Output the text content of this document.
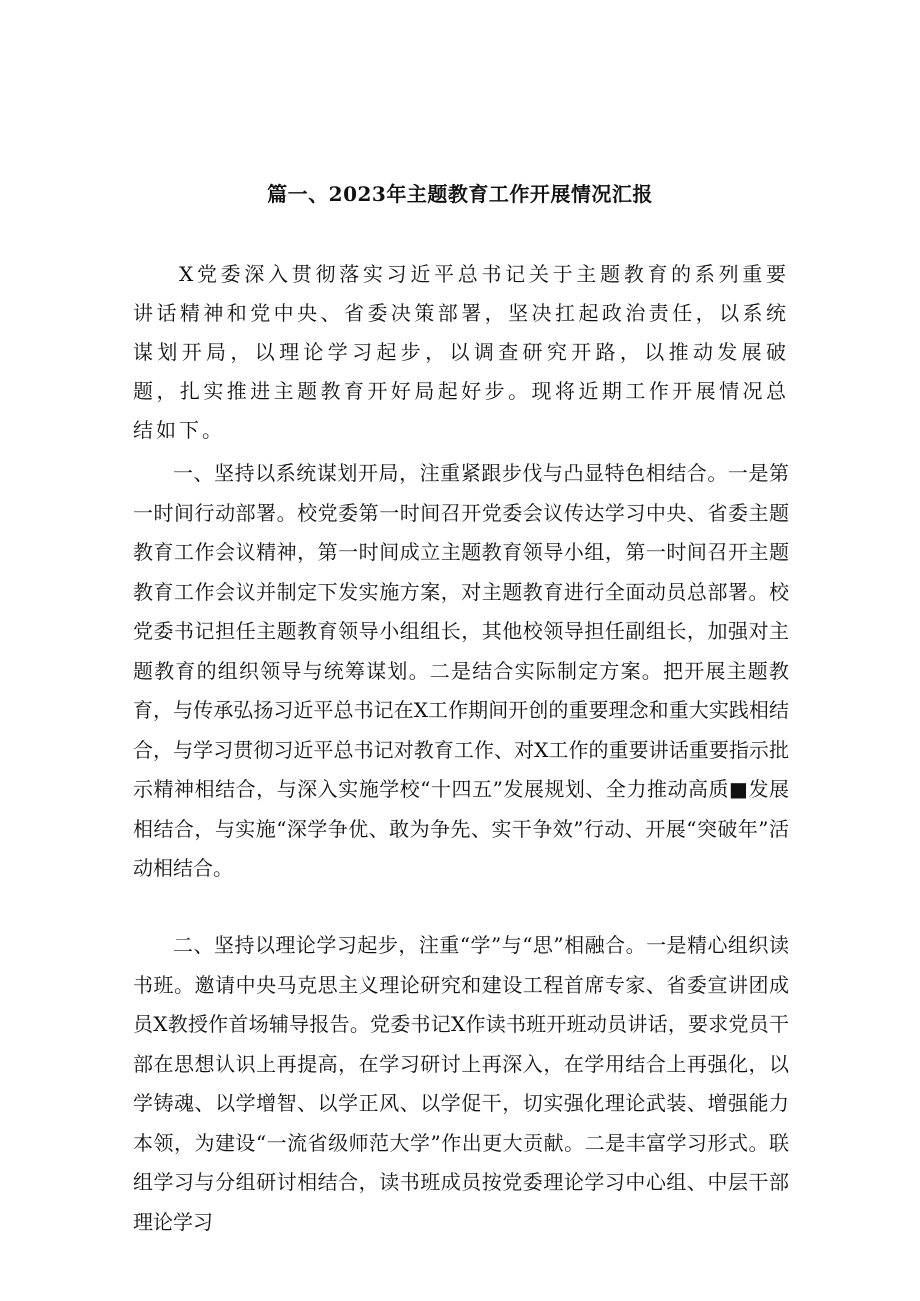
篇一、2023年主题教育工作开展情况汇报

X党委深入贯彻落实习近平总书记关于主题教育的系列重要讲话精神和党中央、省委决策部署，坚决扛起政治责任，以系统谋划开局，以理论学习起步，以调查研究开路，以推动发展破题，扎实推进主题教育开好局起好步。现将近期工作开展情况总结如下。

一、坚持以系统谋划开局，注重紧跟步伐与凸显特色相结合。一是第一时间行动部署。校党委第一时间召开党委会议传达学习中央、省委主题教育工作会议精神，第一时间成立主题教育领导小组，第一时间召开主题教育工作会议并制定下发实施方案，对主题教育进行全面动员总部署。校党委书记担任主题教育领导小组组长，其他校领导担任副组长，加强对主题教育的组织领导与统筹谋划。二是结合实际制定方案。把开展主题教育，与传承弘扬习近平总书记在X工作期间开创的重要理念和重大实践相结合，与学习贯彻习近平总书记对教育工作、对X工作的重要讲话重要指示批示精神相结合，与深入实施学校“十四五”发展规划、全力推动高质■发展相结合，与实施“深学争优、敢为争先、实干争效”行动、开展“突破年”活动相结合。

二、坚持以理论学习起步，注重“学”与“思”相融合。一是精心组织读书班。邀请中央马克思主义理论研究和建设工程首席专家、省委宣讲团成员X教授作首场辅导报告。党委书记X作读书班开班动员讲话，要求党员干部在思想认识上再提高，在学习研讨上再深入，在学用结合上再强化，以学铸魂、以学增智、以学正风、以学促干，切实强化理论武装、增强能力本领，为建设“一流省级师范大学”作出更大贡献。二是丰富学习形式。联组学习与分组研讨相结合，读书班成员按党委理论学习中心组、中层干部理论学习
